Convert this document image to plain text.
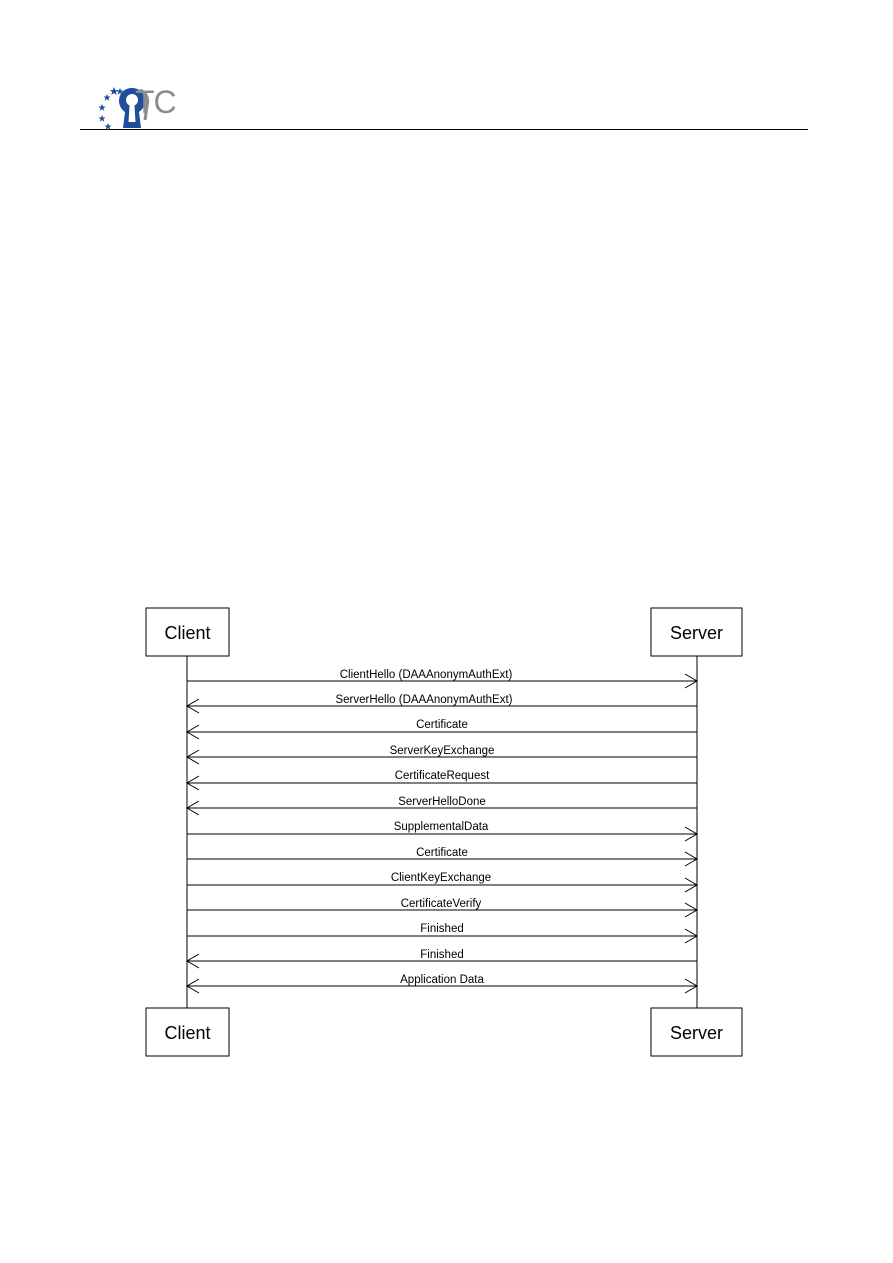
TC
Client	Server
Client	Server
ClientHello (DAAAnonymAuthExt)
ServerHello (DAAAnonymAuthExt)
Certificate
ServerKeyExchange
CertificateRequest
ServerHelloDone
SupplementalData
Certificate
ClientKeyExchange
CertificateVerify
Finished
Finished
Application Data
